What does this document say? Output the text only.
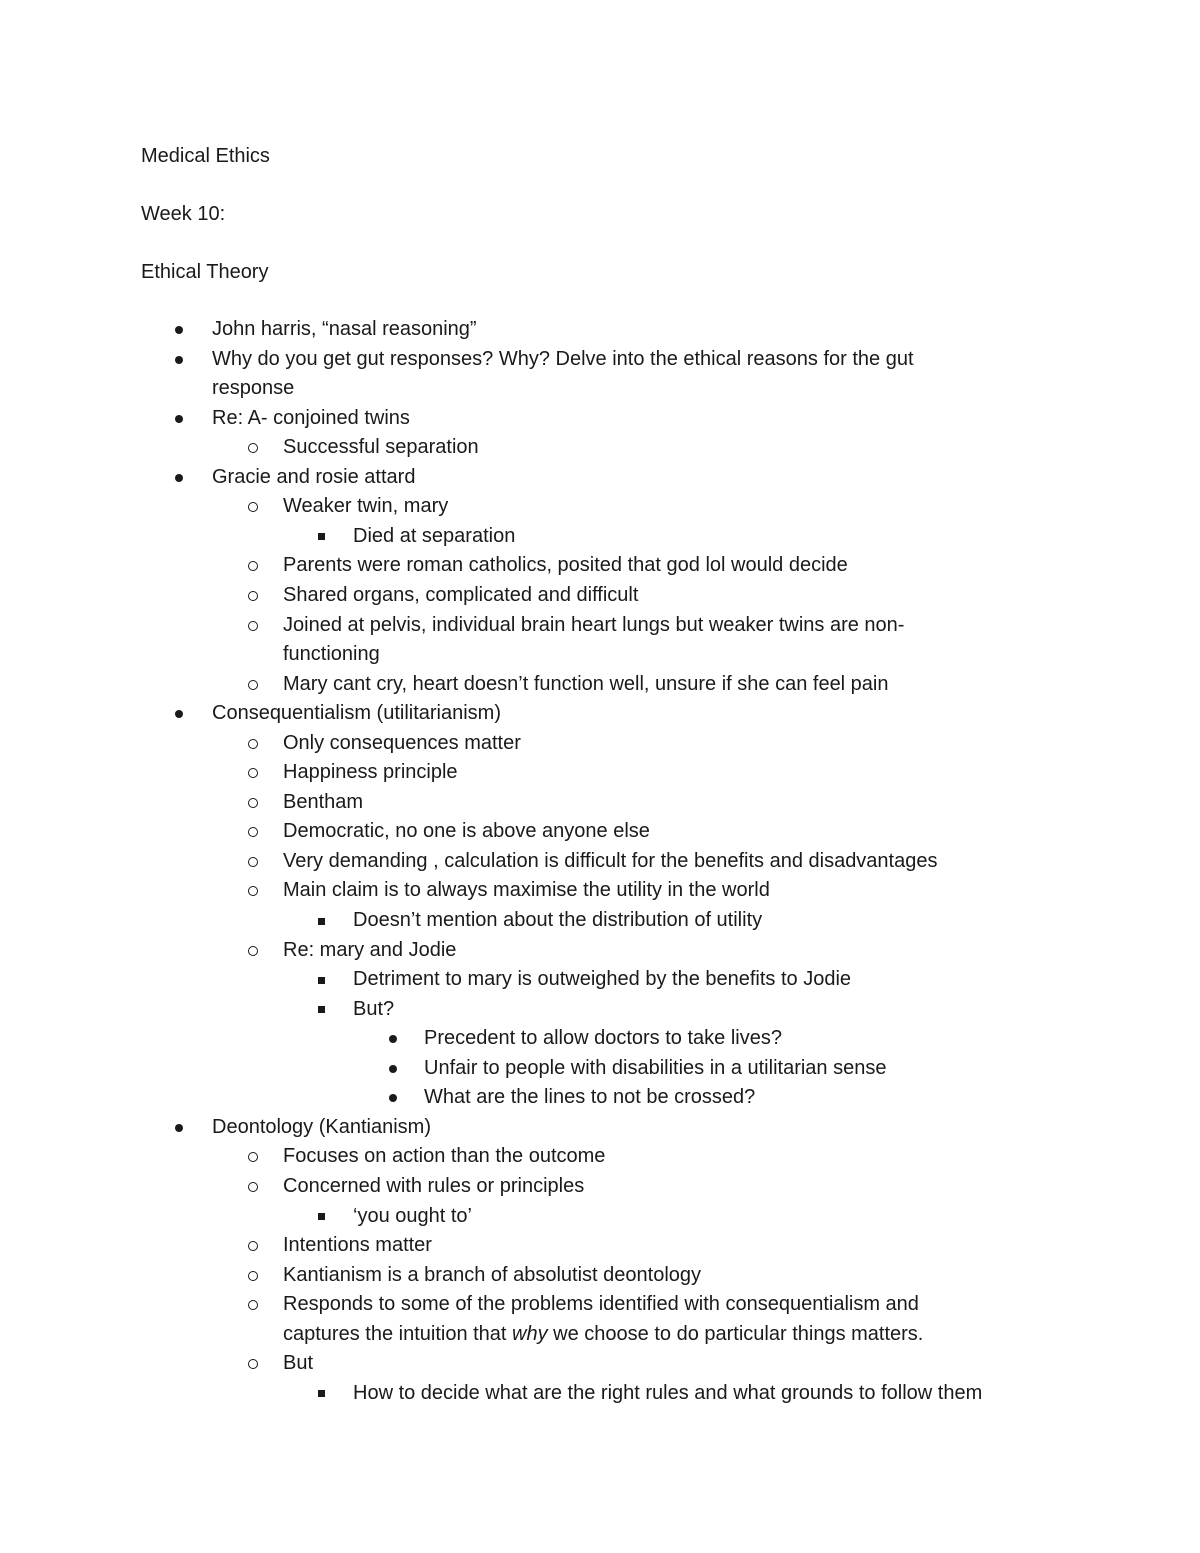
Medical Ethics
Week 10:
Ethical Theory
John harris, “nasal reasoning”
Why do you get gut responses? Why? Delve into the ethical reasons for the gut
response
Re: A- conjoined twins
Successful separation
Gracie and rosie attard
Weaker twin, mary
Died at separation
Parents were roman catholics, posited that god lol would decide
Shared organs, complicated and difficult
Joined at pelvis, individual brain heart lungs but weaker twins are non-
functioning
Mary cant cry, heart doesn’t function well, unsure if she can feel pain
Consequentialism (utilitarianism)
Only consequences matter
Happiness principle
Bentham
Democratic, no one is above anyone else
Very demanding , calculation is difficult for the benefits and disadvantages
Main claim is to always maximise the utility in the world
Doesn’t mention about the distribution of utility
Re: mary and Jodie
Detriment to mary is outweighed by the benefits to Jodie
But?
Precedent to allow doctors to take lives?
Unfair to people with disabilities in a utilitarian sense
What are the lines to not be crossed?
Deontology (Kantianism)
Focuses on action than the outcome
Concerned with rules or principles
‘you ought to’
Intentions matter
Kantianism is a branch of absolutist deontology
Responds to some of the problems identified with consequentialism and
captures the intuition that why we choose to do particular things matters.
But
How to decide what are the right rules and what grounds to follow them
